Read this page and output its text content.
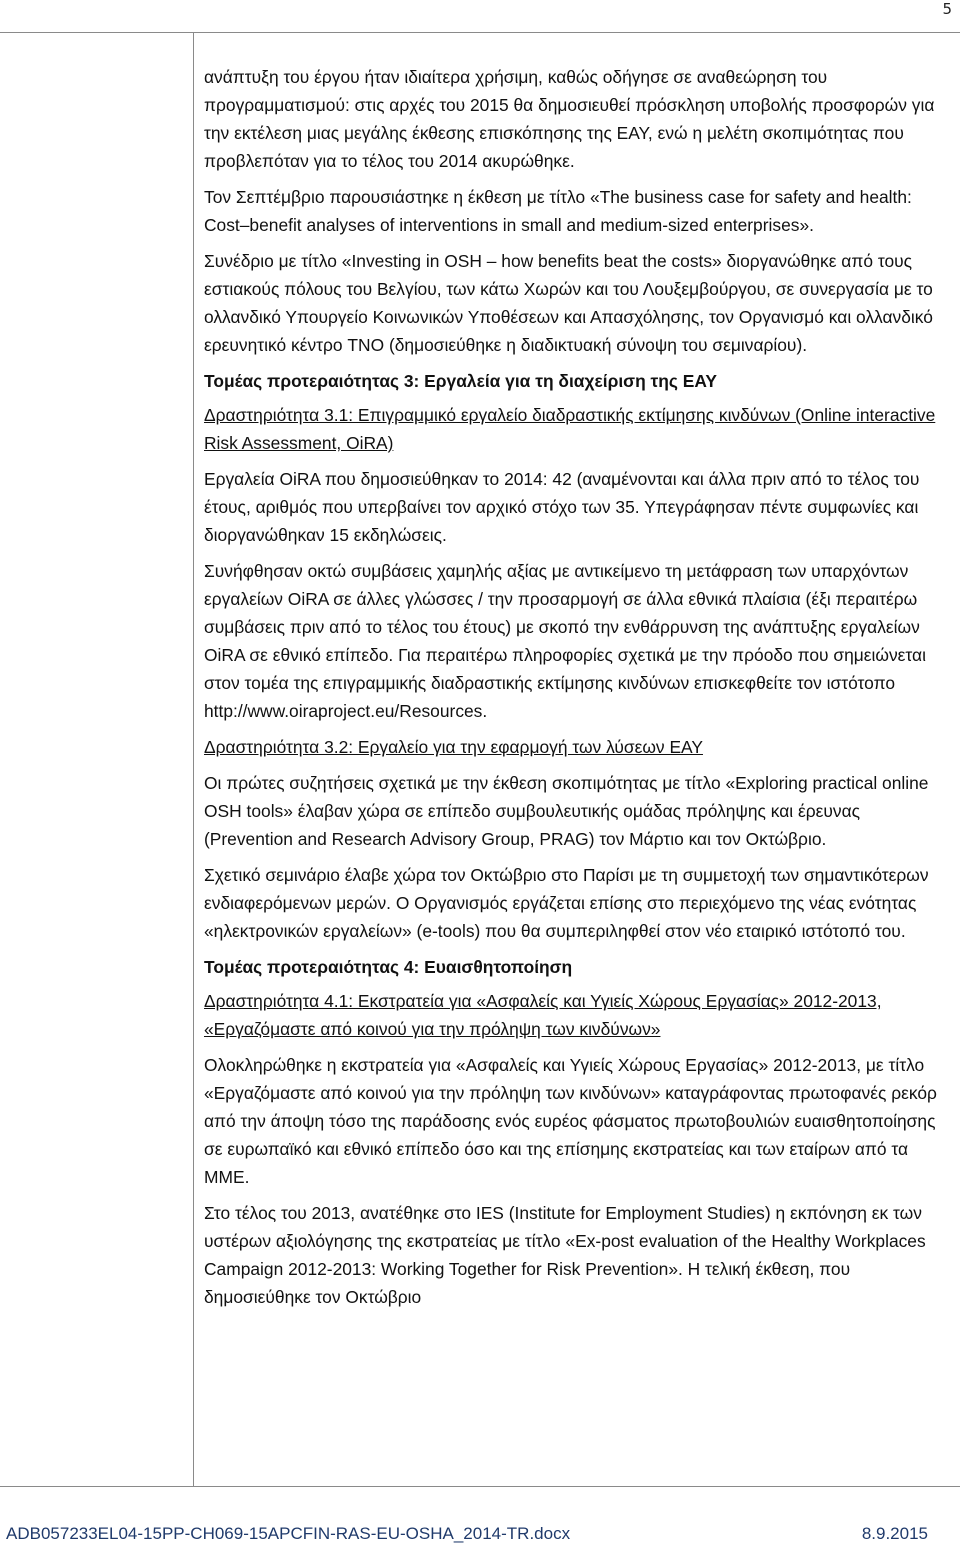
5

ανάπτυξη του έργου ήταν ιδιαίτερα χρήσιμη, καθώς οδήγησε σε αναθεώρηση του προγραμματισμού: στις αρχές του 2015 θα δημοσιευθεί πρόσκληση υποβολής προσφορών για την εκτέλεση μιας μεγάλης έκθεσης επισκόπησης της ΕΑΥ, ενώ η μελέτη σκοπιμότητας που προβλεπόταν για το τέλος του 2014 ακυρώθηκε.

Τον Σεπτέμβριο παρουσιάστηκε η έκθεση με τίτλο «The business case for safety and health: Cost‒benefit analyses of interventions in small and medium-sized enterprises».

Συνέδριο με τίτλο «Investing in OSH ‒ how benefits beat the costs» διοργανώθηκε από τους εστιακούς πόλους του Βελγίου, των κάτω Χωρών και του Λουξεμβούργου, σε συνεργασία με το ολλανδικό Υπουργείο Κοινωνικών Υποθέσεων και Απασχόλησης, τον Οργανισμό και ολλανδικό ερευνητικό κέντρο TNO (δημοσιεύθηκε η διαδικτυακή σύνοψη του σεμιναρίου).

Τομέας προτεραιότητας 3: Εργαλεία για τη διαχείριση της ΕΑΥ

Δραστηριότητα 3.1: Επιγραμμικό εργαλείο διαδραστικής εκτίμησης κινδύνων (Online interactive Risk Assessment, OiRA)

Εργαλεία OiRA που δημοσιεύθηκαν το 2014: 42 (αναμένονται και άλλα πριν από το τέλος του έτους, αριθμός που υπερβαίνει τον αρχικό στόχο των 35. Υπεγράφησαν πέντε συμφωνίες και διοργανώθηκαν 15 εκδηλώσεις.

Συνήφθησαν οκτώ συμβάσεις χαμηλής αξίας με αντικείμενο τη μετάφραση των υπαρχόντων εργαλείων OiRA σε άλλες γλώσσες / την προσαρμογή σε άλλα εθνικά πλαίσια (έξι περαιτέρω συμβάσεις πριν από το τέλος του έτους) με σκοπό την ενθάρρυνση της ανάπτυξης εργαλείων OiRA σε εθνικό επίπεδο. Για περαιτέρω πληροφορίες σχετικά με την πρόοδο που σημειώνεται στον τομέα της επιγραμμικής διαδραστικής εκτίμησης κινδύνων επισκεφθείτε τον ιστότοπο http://www.oiraproject.eu/Resources.

Δραστηριότητα 3.2: Εργαλείο για την εφαρμογή των λύσεων ΕΑΥ

Οι πρώτες συζητήσεις σχετικά με την έκθεση σκοπιμότητας με τίτλο «Exploring practical online OSH tools» έλαβαν χώρα σε επίπεδο συμβουλευτικής ομάδας πρόληψης και έρευνας (Prevention and Research Advisory Group, PRAG) τον Μάρτιο και τον Οκτώβριο.

Σχετικό σεμινάριο έλαβε χώρα τον Οκτώβριο στο Παρίσι με τη συμμετοχή των σημαντικότερων ενδιαφερόμενων μερών. Ο Οργανισμός εργάζεται επίσης στο περιεχόμενο της νέας ενότητας «ηλεκτρονικών εργαλείων» (e-tools) που θα συμπεριληφθεί στον νέο εταιρικό ιστότοπό του.

Τομέας προτεραιότητας 4: Ευαισθητοποίηση

Δραστηριότητα 4.1: Εκστρατεία για «Ασφαλείς και Υγιείς Χώρους Εργασίας» 2012-2013, «Εργαζόμαστε από κοινού για την πρόληψη των κινδύνων»

Ολοκληρώθηκε η εκστρατεία για «Ασφαλείς και Υγιείς Χώρους Εργασίας» 2012-2013, με τίτλο «Εργαζόμαστε από κοινού για την πρόληψη των κινδύνων» καταγράφοντας πρωτοφανές ρεκόρ από την άποψη τόσο της παράδοσης ενός ευρέος φάσματος πρωτοβουλιών ευαισθητοποίησης σε ευρωπαϊκό και εθνικό επίπεδο όσο και της επίσημης εκστρατείας και των εταίρων από τα ΜΜΕ.

Στο τέλος του 2013, ανατέθηκε στο IES (Institute for Employment Studies) η εκπόνηση εκ των υστέρων αξιολόγησης της εκστρατείας με τίτλο «Ex-post evaluation of the Healthy Workplaces Campaign 2012-2013: Working Together for Risk Prevention». Η τελική έκθεση, που δημοσιεύθηκε τον Οκτώβριο

ADB057233EL04-15PP-CH069-15APCFIN-RAS-EU-OSHA_2014-TR.docx	8.9.2015
